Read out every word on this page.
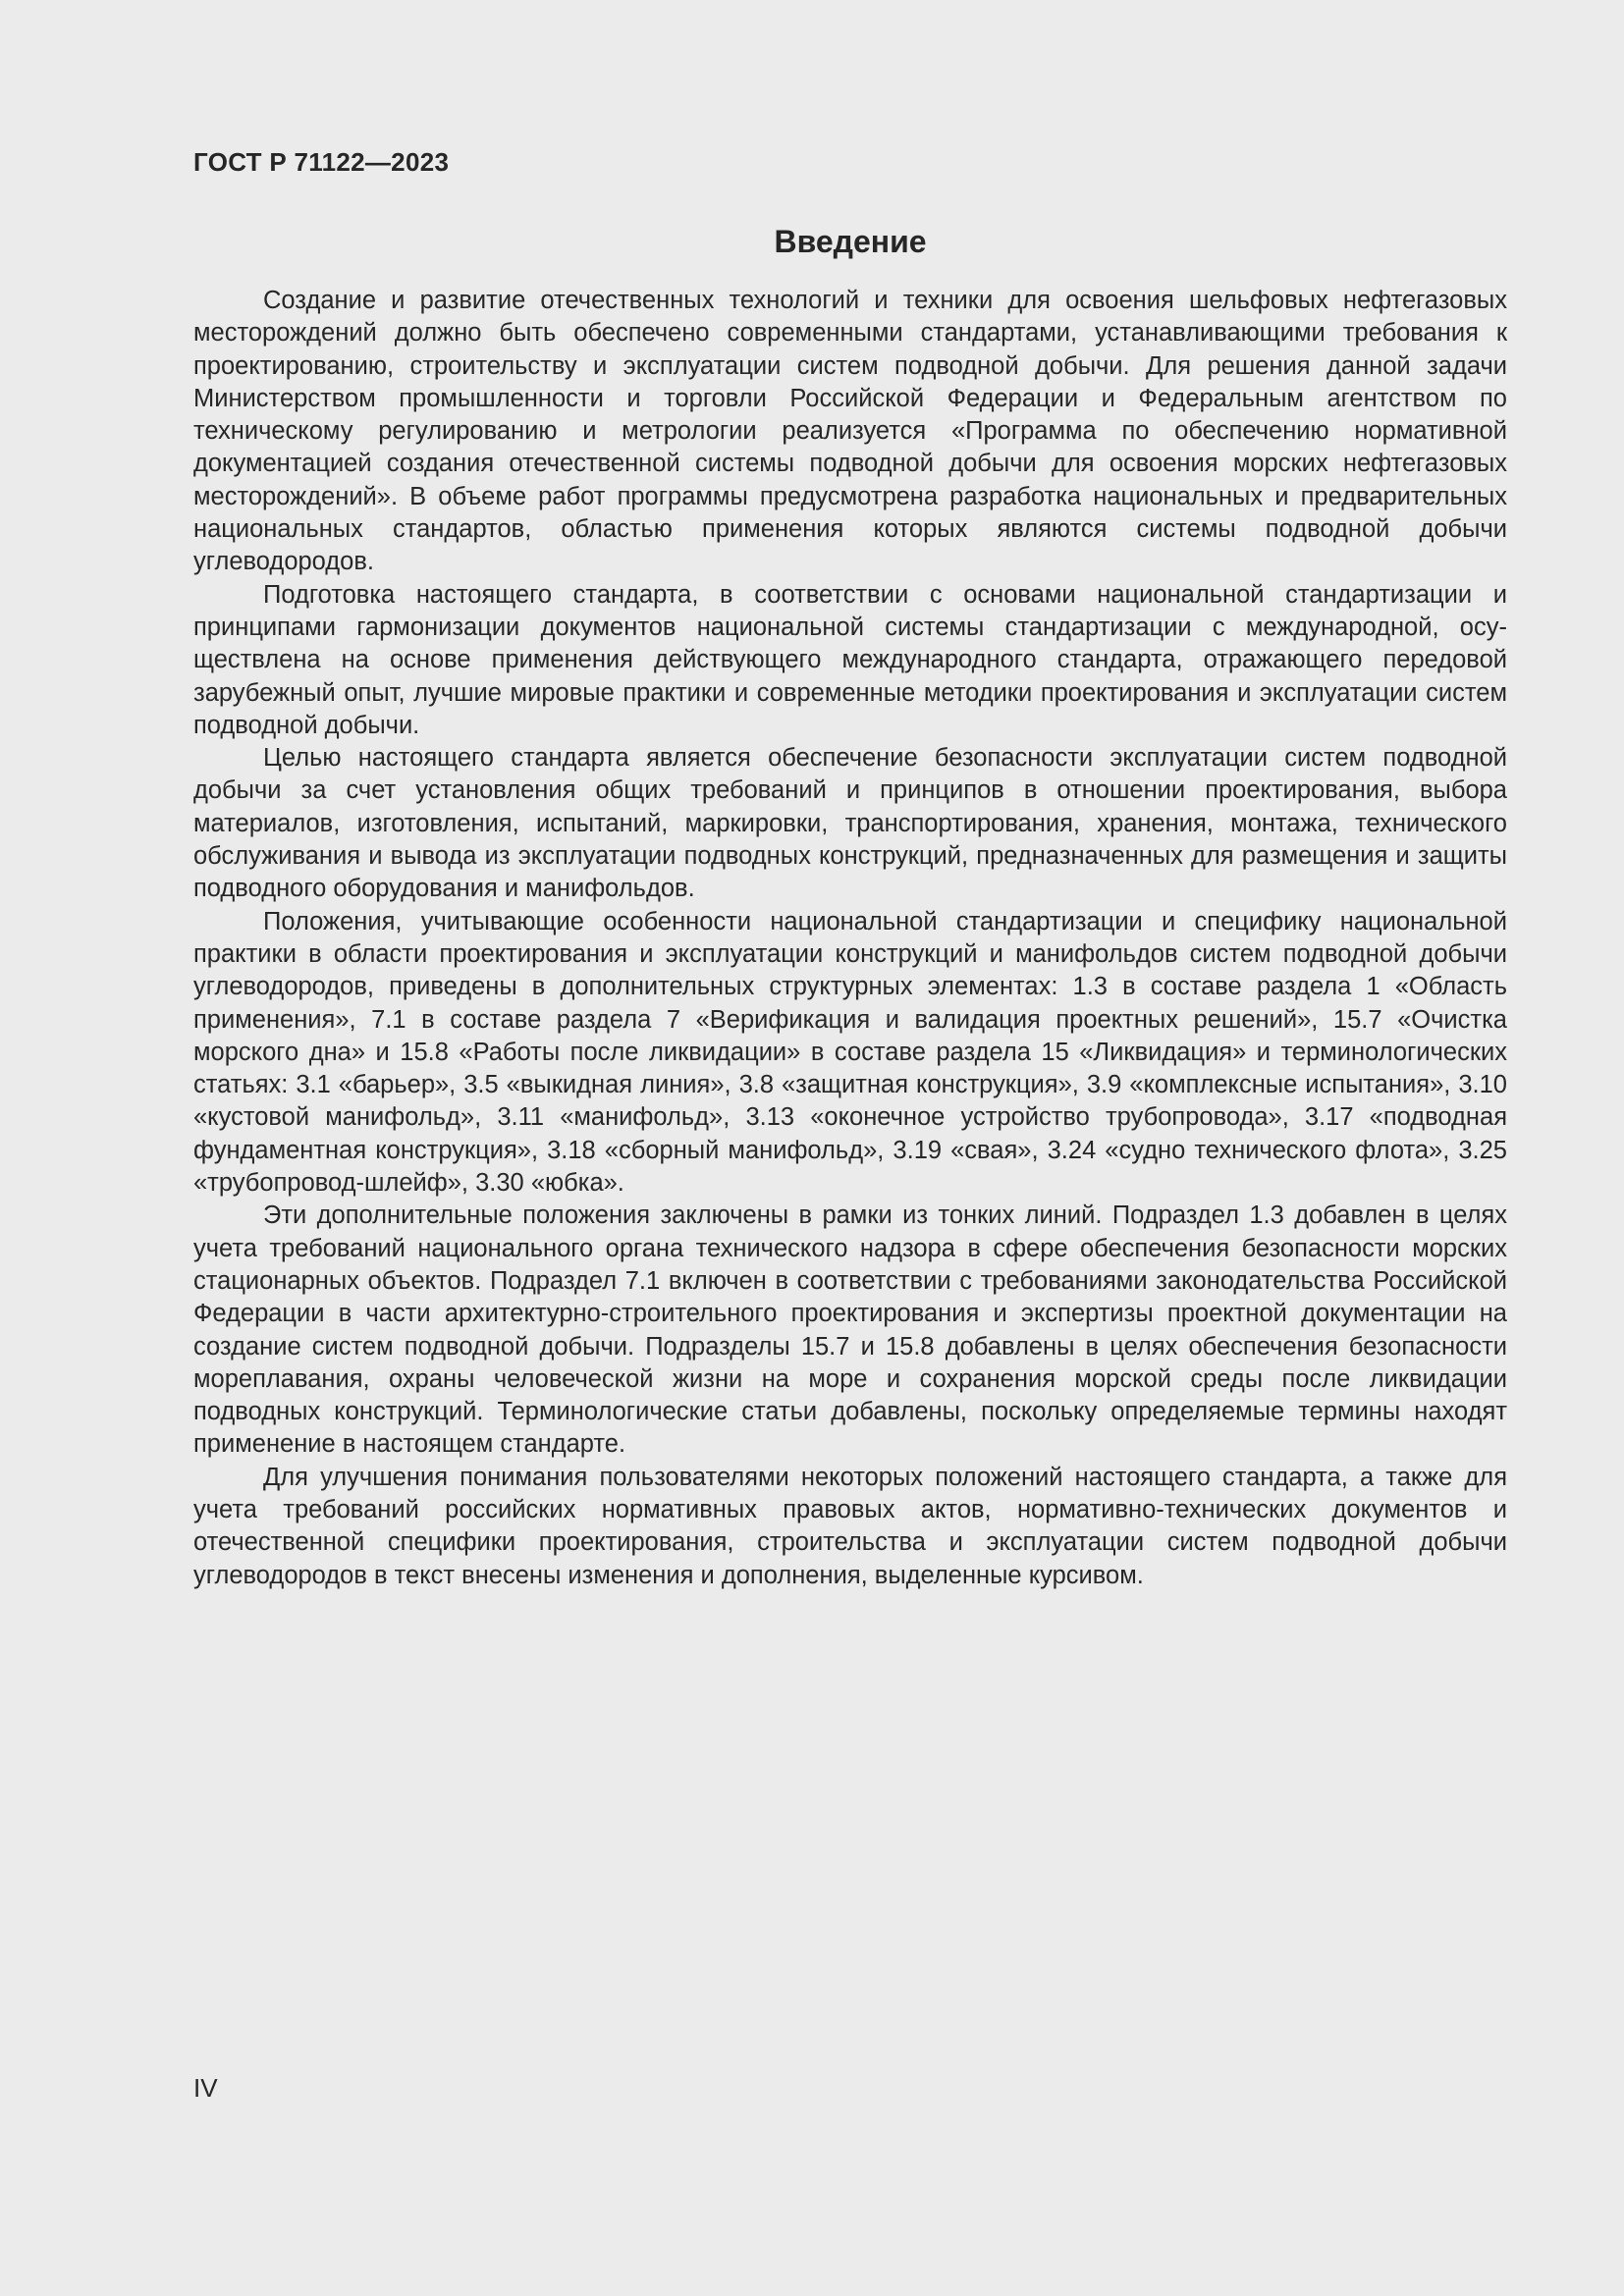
ГОСТ Р 71122—2023
Введение

Создание и развитие отечественных технологий и техники для освоения шельфовых нефтегазовых месторождений должно быть обеспечено современными стандартами, устанавливающими требования к проектированию, строительству и эксплуатации систем подводной добычи. Для решения данной задачи Министерством промышленности и торговли Российской Федерации и Федеральным агентством по техническому регулированию и метрологии реализуется «Программа по обеспечению нормативной документацией создания отечественной системы подводной добычи для освоения морских нефтегазовых месторождений». В объеме работ программы предусмотрена разработка национальных и предварительных национальных стандартов, областью применения которых являются системы подводной добычи углеводородов.

Подготовка настоящего стандарта, в соответствии с основами национальной стандартизации и принципами гармонизации документов национальной системы стандартизации с международной, осуществлена на основе применения действующего международного стандарта, отражающего передовой зарубежный опыт, лучшие мировые практики и современные методики проектирования и эксплуатации систем подводной добычи.

Целью настоящего стандарта является обеспечение безопасности эксплуатации систем подводной добычи за счет установления общих требований и принципов в отношении проектирования, выбора материалов, изготовления, испытаний, маркировки, транспортирования, хранения, монтажа, технического обслуживания и вывода из эксплуатации подводных конструкций, предназначенных для размещения и защиты подводного оборудования и манифольдов.

Положения, учитывающие особенности национальной стандартизации и специфику национальной практики в области проектирования и эксплуатации конструкций и манифольдов систем подводной добычи углеводородов, приведены в дополнительных структурных элементах: 1.3 в составе раздела 1 «Область применения», 7.1 в составе раздела 7 «Верификация и валидация проектных решений», 15.7 «Очистка морского дна» и 15.8 «Работы после ликвидации» в составе раздела 15 «Ликвидация» и терминологических статьях: 3.1 «барьер», 3.5 «выкидная линия», 3.8 «защитная конструкция», 3.9 «комплексные испытания», 3.10 «кустовой манифольд», 3.11 «манифольд», 3.13 «оконечное устройство трубопровода», 3.17 «подводная фундаментная конструкция», 3.18 «сборный манифольд», 3.19 «свая», 3.24 «судно технического флота», 3.25 «трубопровод-шлейф», 3.30 «юбка».

Эти дополнительные положения заключены в рамки из тонких линий. Подраздел 1.3 добавлен в целях учета требований национального органа технического надзора в сфере обеспечения безопасности морских стационарных объектов. Подраздел 7.1 включен в соответствии с требованиями законодательства Российской Федерации в части архитектурно-строительного проектирования и экспертизы проектной документации на создание систем подводной добычи. Подразделы 15.7 и 15.8 добавлены в целях обеспечения безопасности мореплавания, охраны человеческой жизни на море и сохранения морской среды после ликвидации подводных конструкций. Терминологические статьи добавлены, поскольку определяемые термины находят применение в настоящем стандарте.

Для улучшения понимания пользователями некоторых положений настоящего стандарта, а также для учета требований российских нормативных правовых актов, нормативно-технических документов и отечественной специфики проектирования, строительства и эксплуатации систем подводной добычи углеводородов в текст внесены изменения и дополнения, выделенные курсивом.

IV
